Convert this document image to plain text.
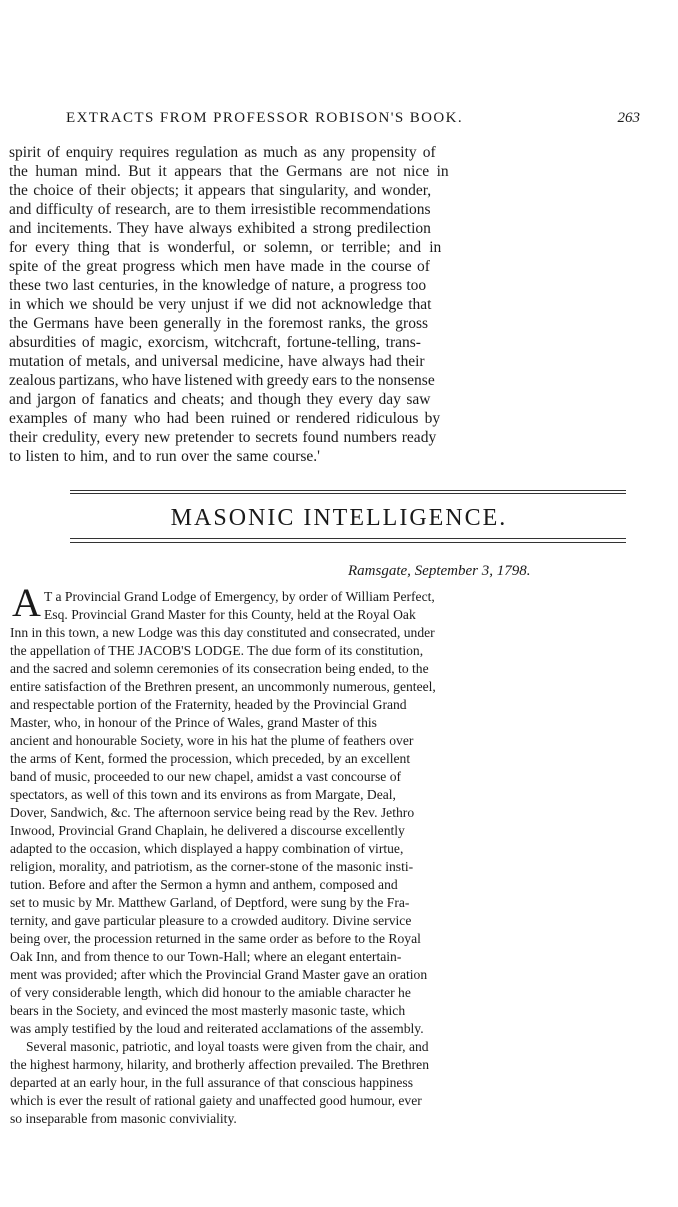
EXTRACTS FROM PROFESSOR ROBISON'S BOOK.	263
spirit of enquiry requires regulation as much as any propensity of
the human mind. But it appears that the Germans are not nice in
the choice of their objects; it appears that singularity, and wonder,
and difficulty of research, are to them irresistible recommendations
and incitements. They have always exhibited a strong predilection
for every thing that is wonderful, or solemn, or terrible; and in
spite of the great progress which men have made in the course of
these two last centuries, in the knowledge of nature, a progress too
in which we should be very unjust if we did not acknowledge that
the Germans have been generally in the foremost ranks, the gross
absurdities of magic, exorcism, witchcraft, fortune-telling, trans-
mutation of metals, and universal medicine, have always had their
zealous partizans, who have listened with greedy ears to the nonsense
and jargon of fanatics and cheats; and though they every day saw
examples of many who had been ruined or rendered ridiculous by
their credulity, every new pretender to secrets found numbers ready
to listen to him, and to run over the same course.'
MASONIC INTELLIGENCE.
Ramsgate, September 3, 1798.
A T a Provincial Grand Lodge of Emergency, by order of William Perfect,
Esq. Provincial Grand Master for this County, held at the Royal Oak
Inn in this town, a new Lodge was this day constituted and consecrated, under
the appellation of THE JACOB'S LODGE. The due form of its constitution,
and the sacred and solemn ceremonies of its consecration being ended, to the
entire satisfaction of the Brethren present, an uncommonly numerous, genteel,
and respectable portion of the Fraternity, headed by the Provincial Grand
Master, who, in honour of the Prince of Wales, grand Master of this
ancient and honourable Society, wore in his hat the plume of feathers over
the arms of Kent, formed the procession, which preceded, by an excellent
band of music, proceeded to our new chapel, amidst a vast concourse of
spectators, as well of this town and its environs as from Margate, Deal,
Dover, Sandwich, &c. The afternoon service being read by the Rev. Jethro
Inwood, Provincial Grand Chaplain, he delivered a discourse excellently
adapted to the occasion, which displayed a happy combination of virtue,
religion, morality, and patriotism, as the corner-stone of the masonic insti-
tution. Before and after the Sermon a hymn and anthem, composed and
set to music by Mr. Matthew Garland, of Deptford, were sung by the Fra-
ternity, and gave particular pleasure to a crowded auditory. Divine service
being over, the procession returned in the same order as before to the Royal
Oak Inn, and from thence to our Town-Hall; where an elegant entertain-
ment was provided; after which the Provincial Grand Master gave an oration
of very considerable length, which did honour to the amiable character he
bears in the Society, and evinced the most masterly masonic taste, which
was amply testified by the loud and reiterated acclamations of the assembly.
Several masonic, patriotic, and loyal toasts were given from the chair, and
the highest harmony, hilarity, and brotherly affection prevailed. The Brethren
departed at an early hour, in the full assurance of that conscious happiness
which is ever the result of rational gaiety and unaffected good humour, ever
so inseparable from masonic conviviality.
